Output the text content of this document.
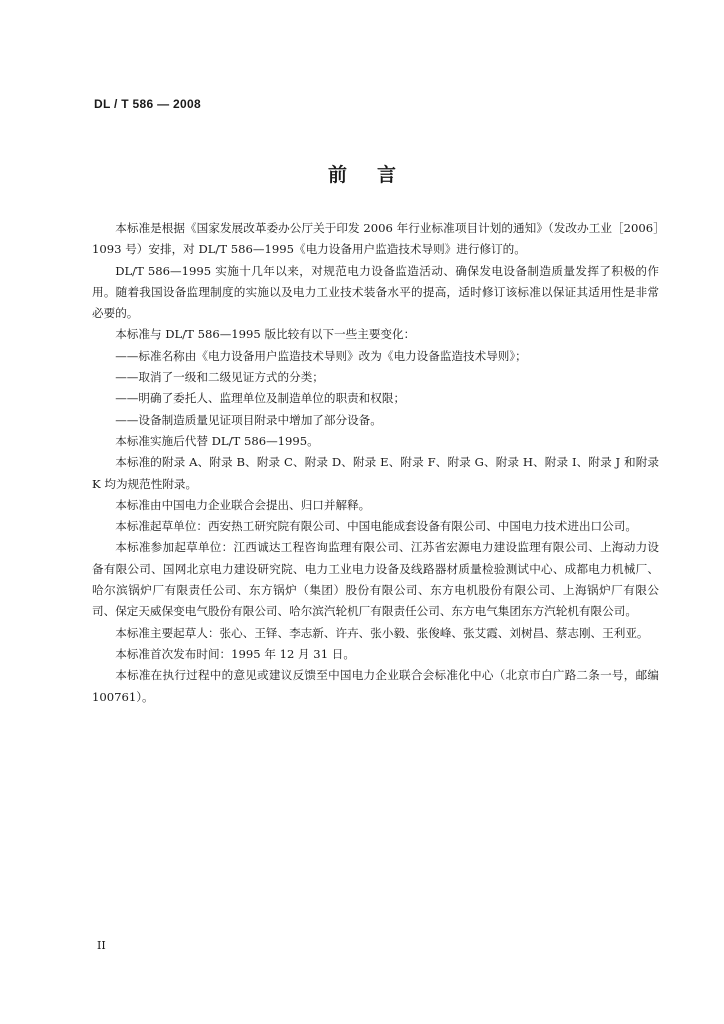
DL / T 586 — 2008
前言

本标准是根据《国家发展改革委办公厅关于印发 2006 年行业标准项目计划的通知》（发改办工业［2006］1093 号）安排，对 DL/T 586—1995《电力设备用户监造技术导则》进行修订的。

DL/T 586—1995 实施十几年以来，对规范电力设备监造活动、确保发电设备制造质量发挥了积极的作用。随着我国设备监理制度的实施以及电力工业技术装备水平的提高，适时修订该标准以保证其适用性是非常必要的。

本标准与 DL/T 586—1995 版比较有以下一些主要变化：

——标准名称由《电力设备用户监造技术导则》改为《电力设备监造技术导则》；

——取消了一级和二级见证方式的分类；

——明确了委托人、监理单位及制造单位的职责和权限；

——设备制造质量见证项目附录中增加了部分设备。

本标准实施后代替 DL/T 586—1995。

本标准的附录 A、附录 B、附录 C、附录 D、附录 E、附录 F、附录 G、附录 H、附录 I、附录 J 和附录 K 均为规范性附录。

本标准由中国电力企业联合会提出、归口并解释。

本标准起草单位：西安热工研究院有限公司、中国电能成套设备有限公司、中国电力技术进出口公司。

本标准参加起草单位：江西诚达工程咨询监理有限公司、江苏省宏源电力建设监理有限公司、上海动力设备有限公司、国网北京电力建设研究院、电力工业电力设备及线路器材质量检验测试中心、成都电力机械厂、哈尔滨锅炉厂有限责任公司、东方锅炉（集团）股份有限公司、东方电机股份有限公司、上海锅炉厂有限公司、保定天威保变电气股份有限公司、哈尔滨汽轮机厂有限责任公司、东方电气集团东方汽轮机有限公司。

本标准主要起草人：张心、王铎、李志新、许卉、张小毅、张俊峰、张艾霞、刘树昌、蔡志刚、王利亚。

本标准首次发布时间：1995 年 12 月 31 日。

本标准在执行过程中的意见或建议反馈至中国电力企业联合会标准化中心（北京市白广路二条一号，邮编 100761）。

II
